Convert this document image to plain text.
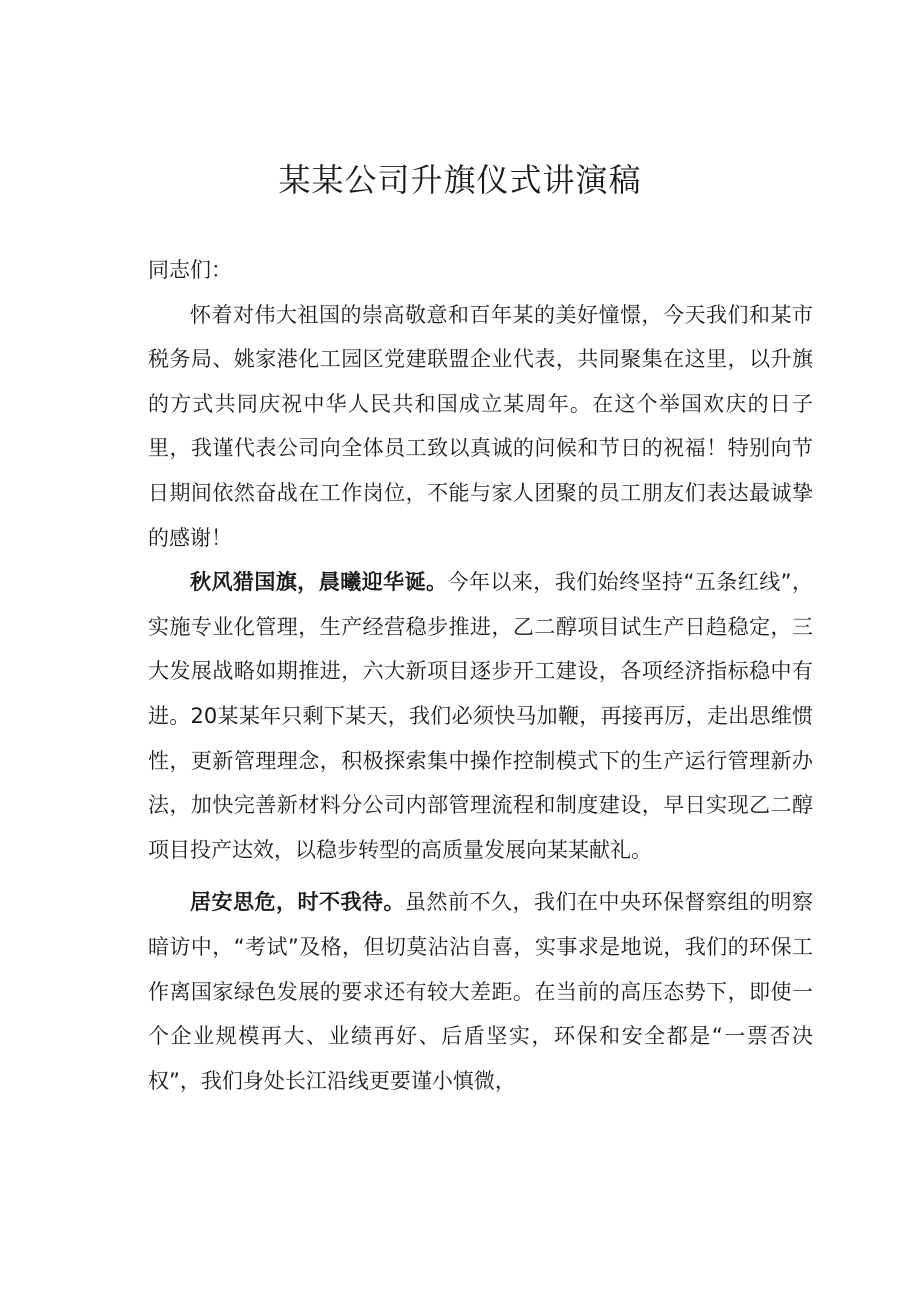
某某公司升旗仪式讲演稿

同志们：

怀着对伟大祖国的崇高敬意和百年某的美好憧憬，今天我们和某市税务局、姚家港化工园区党建联盟企业代表，共同聚集在这里，以升旗的方式共同庆祝中华人民共和国成立某周年。在这个举国欢庆的日子里，我谨代表公司向全体员工致以真诚的问候和节日的祝福！特别向节日期间依然奋战在工作岗位，不能与家人团聚的员工朋友们表达最诚挚的感谢！

秋风猎国旗，晨曦迎华诞。今年以来，我们始终坚持“五条红线”，实施专业化管理，生产经营稳步推进，乙二醇项目试生产日趋稳定，三大发展战略如期推进，六大新项目逐步开工建设，各项经济指标稳中有进。20某某年只剩下某天，我们必须快马加鞭，再接再厉，走出思维惯性，更新管理理念，积极探索集中操作控制模式下的生产运行管理新办法，加快完善新材料分公司内部管理流程和制度建设，早日实现乙二醇项目投产达效，以稳步转型的高质量发展向某某献礼。

居安思危，时不我待。虽然前不久，我们在中央环保督察组的明察暗访中，“考试”及格，但切莫沾沾自喜，实事求是地说，我们的环保工作离国家绿色发展的要求还有较大差距。在当前的高压态势下，即使一个企业规模再大、业绩再好、后盾坚实，环保和安全都是“一票否决权”，我们身处长江沿线更要谨小慎微，
